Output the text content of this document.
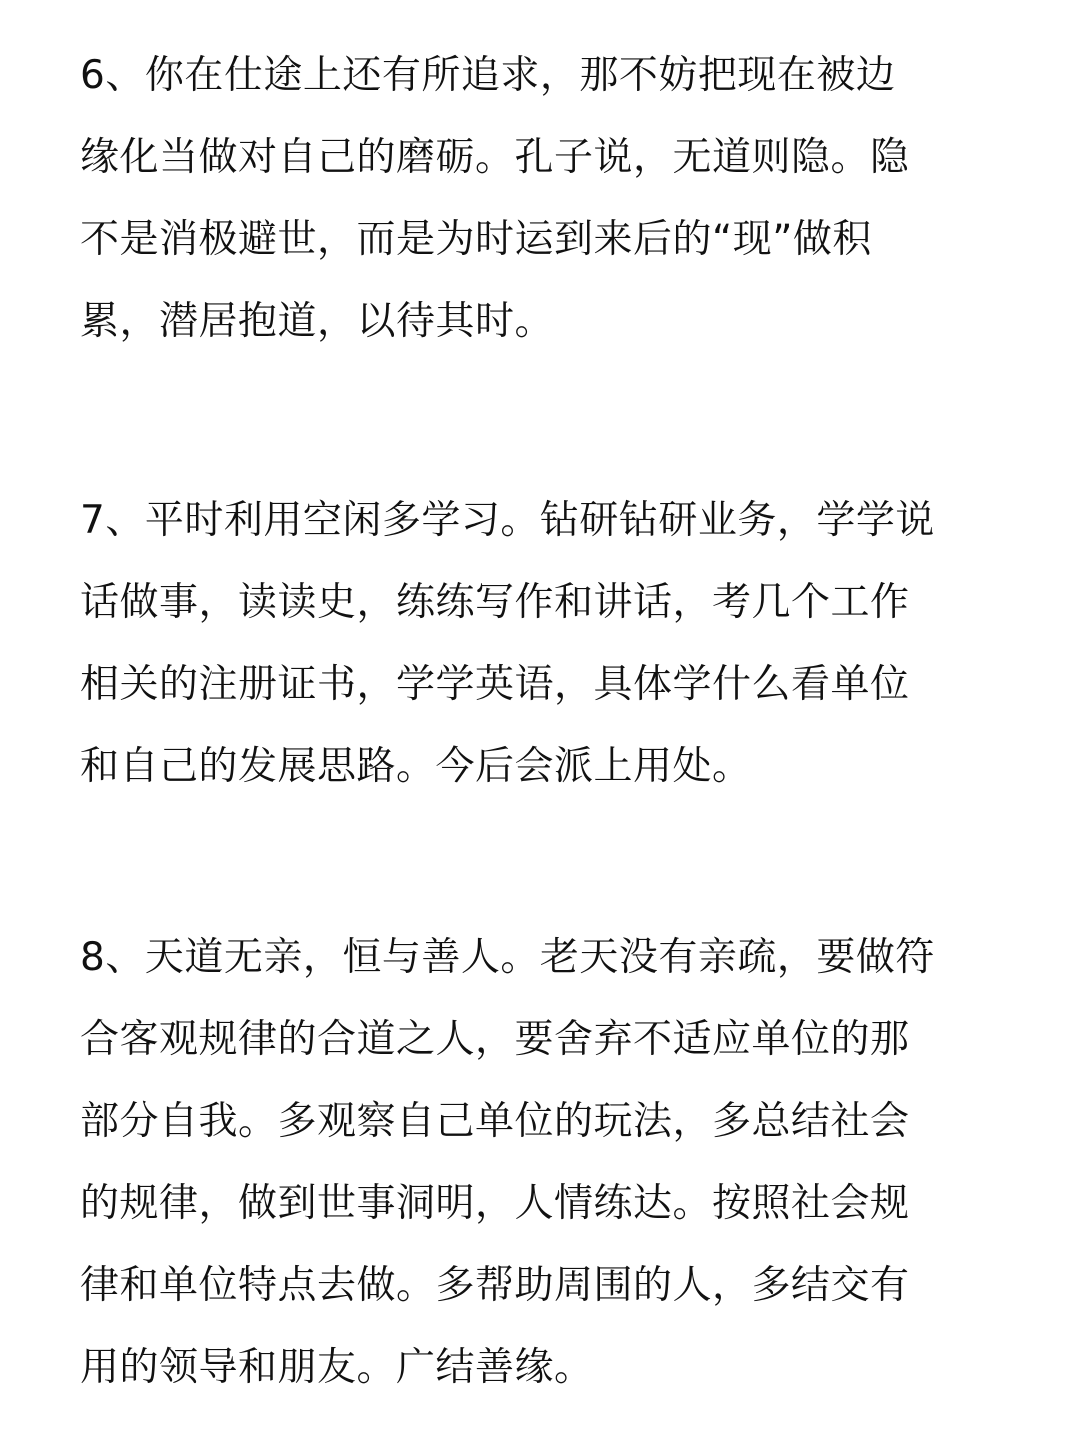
6、你在仕途上还有所追求，那不妨把现在被边
缘化当做对自己的磨砺。孔子说，无道则隐。隐
不是消极避世，而是为时运到来后的“现”做积
累，潜居抱道，以待其时。
7、平时利用空闲多学习。钻研钻研业务，学学说
话做事，读读史，练练写作和讲话，考几个工作
相关的注册证书，学学英语，具体学什么看单位
和自己的发展思路。今后会派上用处。
8、天道无亲，恒与善人。老天没有亲疏，要做符
合客观规律的合道之人，要舍弃不适应单位的那
部分自我。多观察自己单位的玩法，多总结社会
的规律，做到世事洞明，人情练达。按照社会规
律和单位特点去做。多帮助周围的人，多结交有
用的领导和朋友。广结善缘。
